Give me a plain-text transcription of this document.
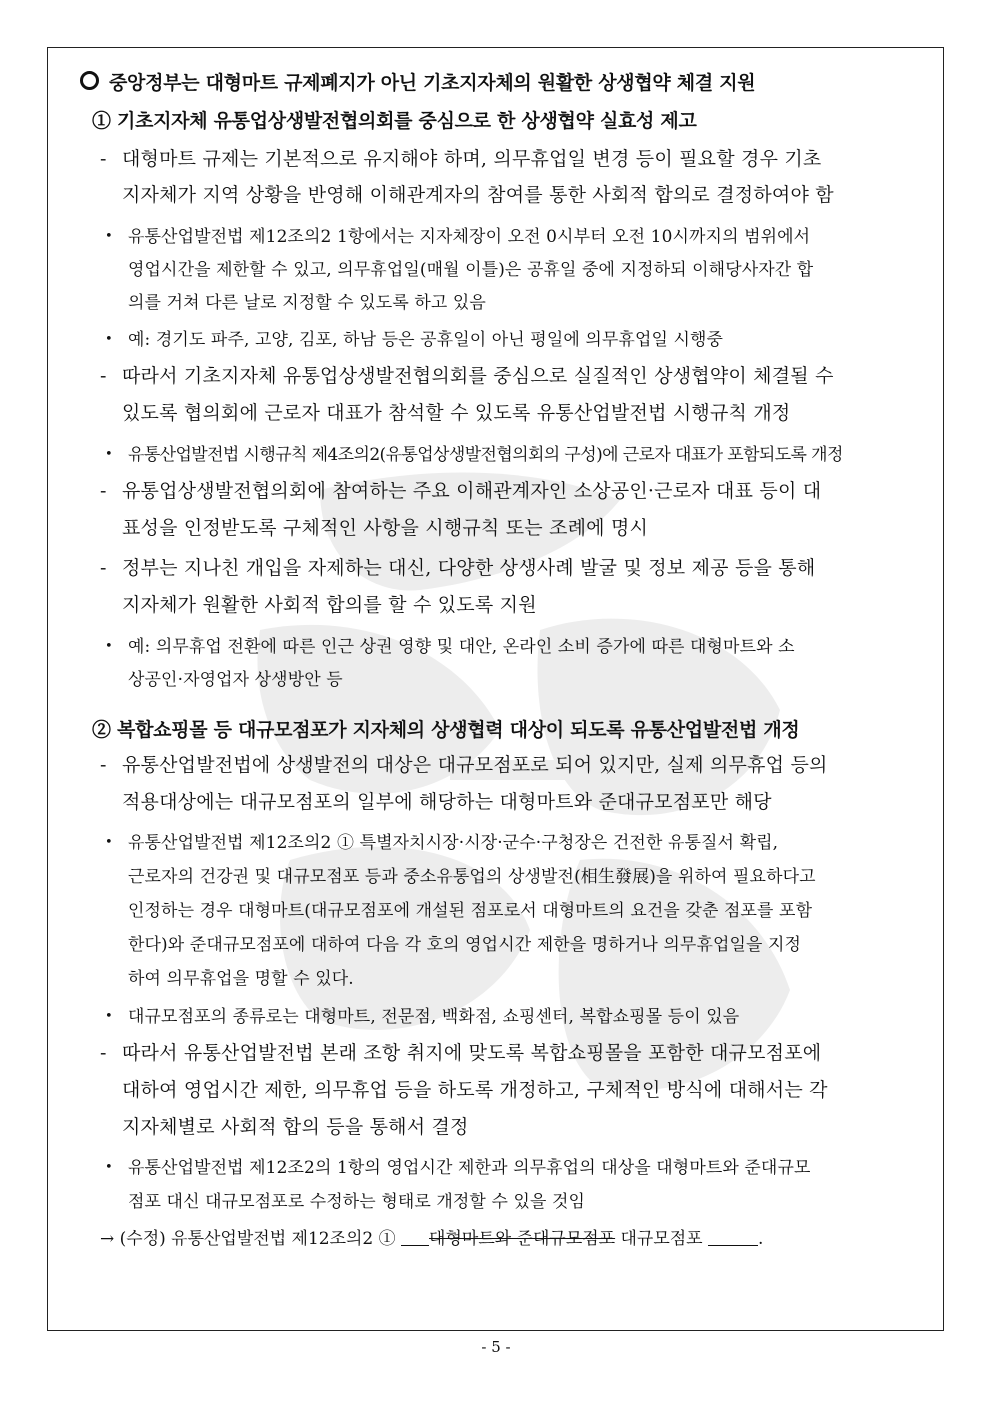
중앙정부는 대형마트 규제폐지가 아닌 기초지자체의 원활한 상생협약 체결 지원
① 기초지자체 유통업상생발전협의회를 중심으로 한 상생협약 실효성 제고
- 대형마트 규제는 기본적으로 유지해야 하며, 의무휴업일 변경 등이 필요할 경우 기초
지자체가 지역 상황을 반영해 이해관계자의 참여를 통한 사회적 합의로 결정하여야 함
• 유통산업발전법 제12조의2 1항에서는 지자체장이 오전 0시부터 오전 10시까지의 범위에서
영업시간을 제한할 수 있고, 의무휴업일(매월 이틀)은 공휴일 중에 지정하되 이해당사자간 합
의를 거쳐 다른 날로 지정할 수 있도록 하고 있음
• 예: 경기도 파주, 고양, 김포, 하남 등은 공휴일이 아닌 평일에 의무휴업일 시행중
- 따라서 기초지자체 유통업상생발전협의회를 중심으로 실질적인 상생협약이 체결될 수
있도록 협의회에 근로자 대표가 참석할 수 있도록 유통산업발전법 시행규칙 개정
• 유통산업발전법 시행규칙 제4조의2(유통업상생발전협의회의 구성)에 근로자 대표가 포함되도록 개정
- 유통업상생발전협의회에 참여하는 주요 이해관계자인 소상공인·근로자 대표 등이 대
표성을 인정받도록 구체적인 사항을 시행규칙 또는 조례에 명시
- 정부는 지나친 개입을 자제하는 대신, 다양한 상생사례 발굴 및 정보 제공 등을 통해
지자체가 원활한 사회적 합의를 할 수 있도록 지원
• 예: 의무휴업 전환에 따른 인근 상권 영향 및 대안, 온라인 소비 증가에 따른 대형마트와 소
상공인·자영업자 상생방안 등
② 복합쇼핑몰 등 대규모점포가 지자체의 상생협력 대상이 되도록 유통산업발전법 개정
- 유통산업발전법에 상생발전의 대상은 대규모점포로 되어 있지만, 실제 의무휴업 등의
적용대상에는 대규모점포의 일부에 해당하는 대형마트와 준대규모점포만 해당
• 유통산업발전법 제12조의2 ① 특별자치시장·시장·군수·구청장은 건전한 유통질서 확립,
근로자의 건강권 및 대규모점포 등과 중소유통업의 상생발전(相生發展)을 위하여 필요하다고
인정하는 경우 대형마트(대규모점포에 개설된 점포로서 대형마트의 요건을 갖춘 점포를 포함
한다)와 준대규모점포에 대하여 다음 각 호의 영업시간 제한을 명하거나 의무휴업일을 지정
하여 의무휴업을 명할 수 있다.
• 대규모점포의 종류로는 대형마트, 전문점, 백화점, 쇼핑센터, 복합쇼핑몰 등이 있음
- 따라서 유통산업발전법 본래 조항 취지에 맞도록 복합쇼핑몰을 포함한 대규모점포에
대하여 영업시간 제한, 의무휴업 등을 하도록 개정하고, 구체적인 방식에 대해서는 각
지자체별로 사회적 합의 등을 통해서 결정
• 유통산업발전법 제12조2의 1항의 영업시간 제한과 의무휴업의 대상을 대형마트와 준대규모
점포 대신 대규모점포로 수정하는 형태로 개정할 수 있을 것임
→ (수정) 유통산업발전법 제12조의2 ① 대형마트와 준대규모점포 대규모점포	.
- 5 -
